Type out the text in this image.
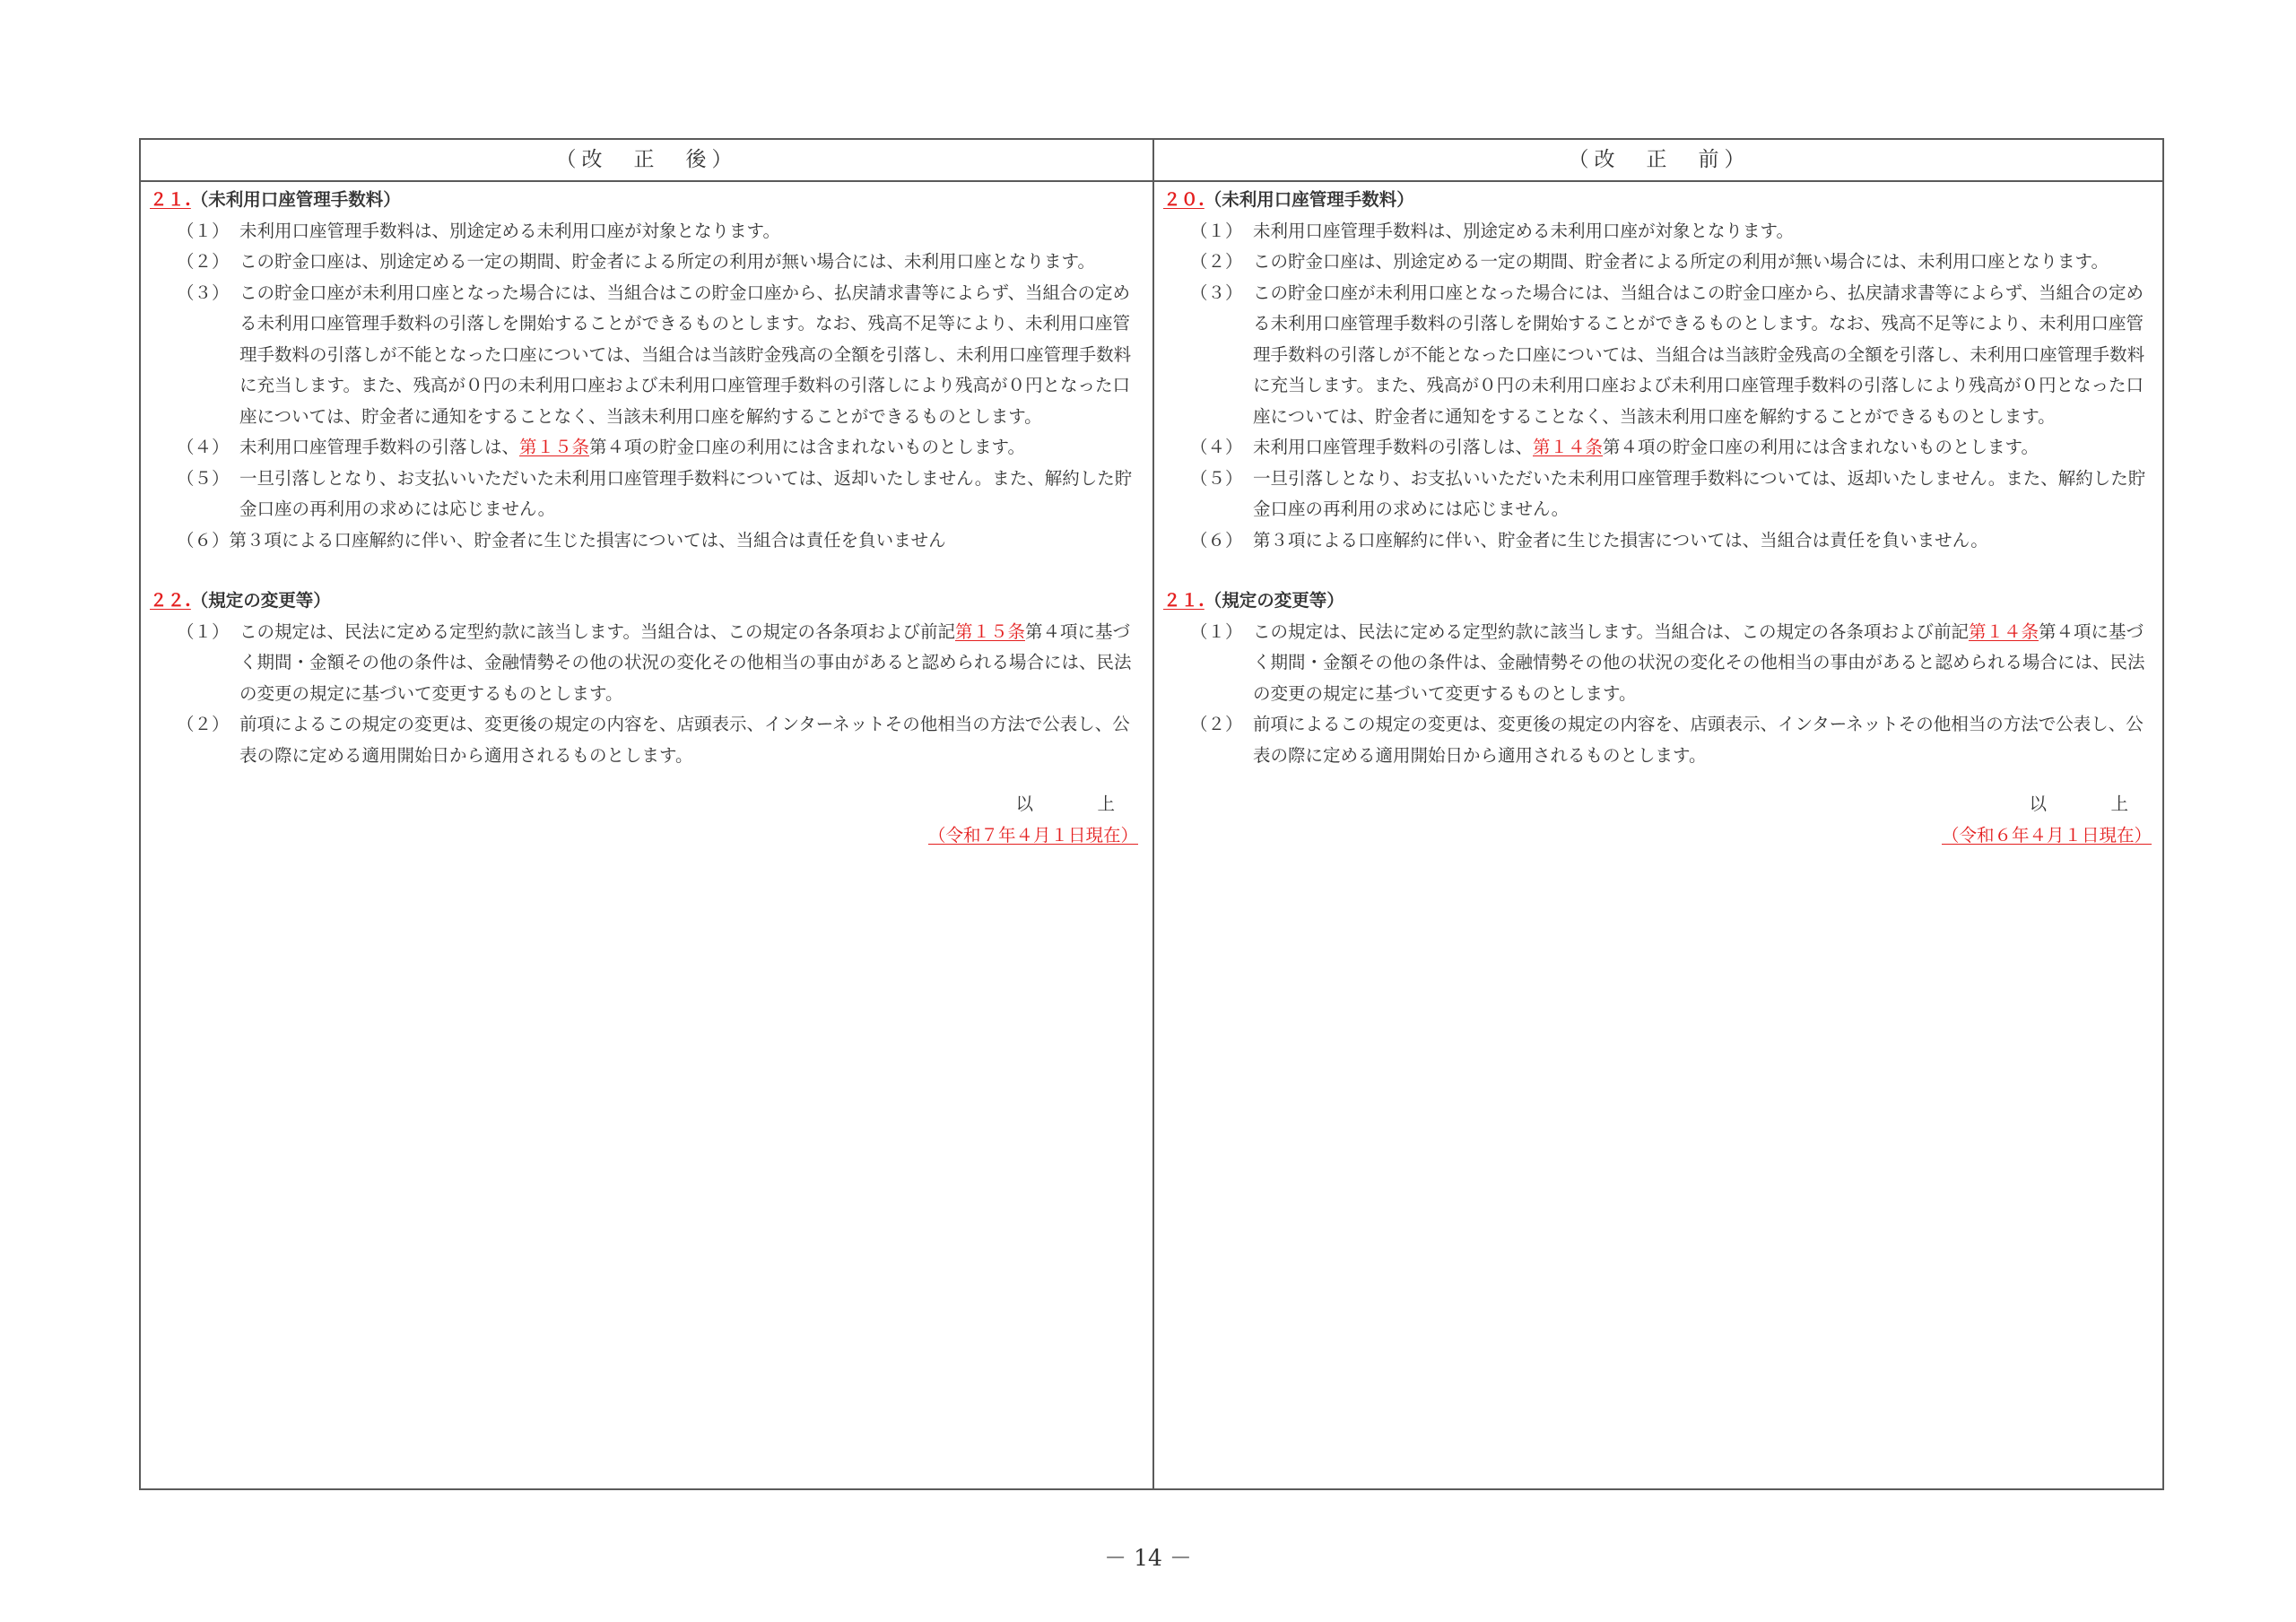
（改　正　後）	（改　正　前）
２１.（未利用口座管理手数料）
（１） 未利用口座管理手数料は、別途定める未利用口座が対象となります。
（２） この貯金口座は、別途定める一定の期間、貯金者による所定の利用が無い場合には、未利用口座となります。
（３） この貯金口座が未利用口座となった場合には、当組合はこの貯金口座から、払戻請求書等によらず、当組合の定める未利用口座管理手数料の引落しを開始することができるものとします。なお、残高不足等により、未利用口座管理手数料の引落しが不能となった口座については、当組合は当該貯金残高の全額を引落し、未利用口座管理手数料に充当します。また、残高が０円の未利用口座および未利用口座管理手数料の引落しにより残高が０円となった口座については、貯金者に通知をすることなく、当該未利用口座を解約することができるものとします。
（４） 未利用口座管理手数料の引落しは、第１５条第４項の貯金口座の利用には含まれないものとします。
（５） 一旦引落しとなり、お支払いいただいた未利用口座管理手数料については、返却いたしません。また、解約した貯金口座の再利用の求めには応じません。
（６）第３項による口座解約に伴い、貯金者に生じた損害については、当組合は責任を負いません
２２.（規定の変更等）
（１） この規定は、民法に定める定型約款に該当します。当組合は、この規定の各条項および前記第１５条第４項に基づく期間・金額その他の条件は、金融情勢その他の状況の変化その他相当の事由があると認められる場合には、民法の変更の規定に基づいて変更するものとします。
（２） 前項によるこの規定の変更は、変更後の規定の内容を、店頭表示、インターネットその他相当の方法で公表し、公表の際に定める適用開始日から適用されるものとします。
以　上
（令和７年４月１日現在）
２０.（未利用口座管理手数料）
（１） 未利用口座管理手数料は、別途定める未利用口座が対象となります。
（２） この貯金口座は、別途定める一定の期間、貯金者による所定の利用が無い場合には、未利用口座となります。
（３） この貯金口座が未利用口座となった場合には、当組合はこの貯金口座から、払戻請求書等によらず、当組合の定める未利用口座管理手数料の引落しを開始することができるものとします。なお、残高不足等により、未利用口座管理手数料の引落しが不能となった口座については、当組合は当該貯金残高の全額を引落し、未利用口座管理手数料に充当します。また、残高が０円の未利用口座および未利用口座管理手数料の引落しにより残高が０円となった口座については、貯金者に通知をすることなく、当該未利用口座を解約することができるものとします。
（４） 未利用口座管理手数料の引落しは、第１４条第４項の貯金口座の利用には含まれないものとします。
（５） 一旦引落しとなり、お支払いいただいた未利用口座管理手数料については、返却いたしません。また、解約した貯金口座の再利用の求めには応じません。
（６） 第３項による口座解約に伴い、貯金者に生じた損害については、当組合は責任を負いません。
２１.（規定の変更等）
（１） この規定は、民法に定める定型約款に該当します。当組合は、この規定の各条項および前記第１４条第４項に基づく期間・金額その他の条件は、金融情勢その他の状況の変化その他相当の事由があると認められる場合には、民法の変更の規定に基づいて変更するものとします。
（２） 前項によるこの規定の変更は、変更後の規定の内容を、店頭表示、インターネットその他相当の方法で公表し、公表の際に定める適用開始日から適用されるものとします。
以　上
（令和６年４月１日現在）
－ 14 －
